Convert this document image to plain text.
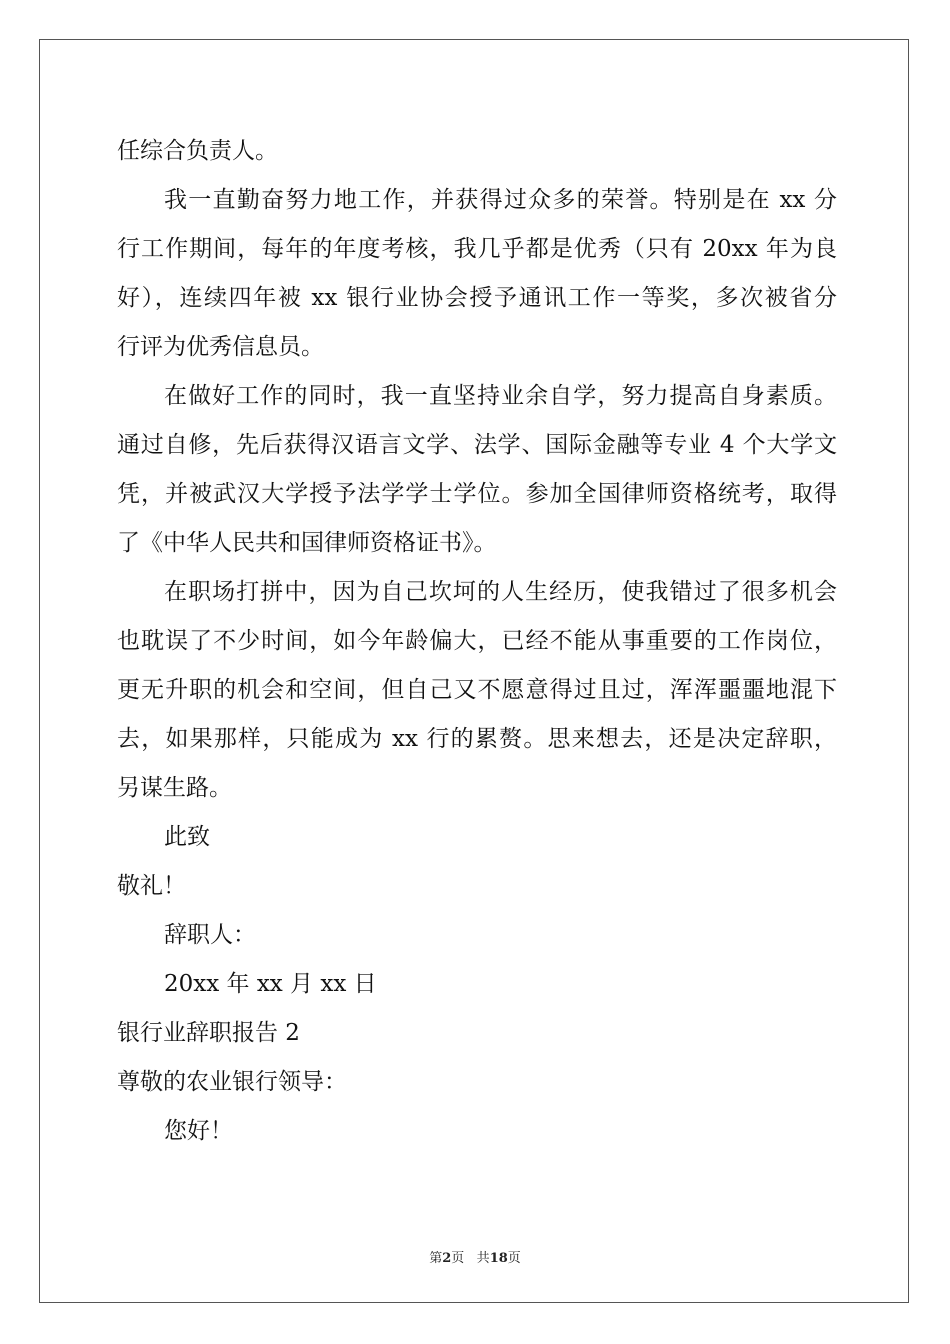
任综合负责人。
我一直勤奋努力地工作，并获得过众多的荣誉。特别是在 xx 分
行工作期间，每年的年度考核，我几乎都是优秀（只有 20xx 年为良
好），连续四年被 xx 银行业协会授予通讯工作一等奖，多次被省分
行评为优秀信息员。
在做好工作的同时，我一直坚持业余自学，努力提高自身素质。
通过自修，先后获得汉语言文学、法学、国际金融等专业 4 个大学文
凭，并被武汉大学授予法学学士学位。参加全国律师资格统考，取得
了《中华人民共和国律师资格证书》。
在职场打拼中，因为自己坎坷的人生经历，使我错过了很多机会
也耽误了不少时间，如今年龄偏大，已经不能从事重要的工作岗位，
更无升职的机会和空间，但自己又不愿意得过且过，浑浑噩噩地混下
去，如果那样，只能成为 xx 行的累赘。思来想去，还是决定辞职，
另谋生路。
此致
敬礼！
辞职人：
20xx 年 xx 月 xx 日
银行业辞职报告 2
尊敬的农业银行领导：
您好！
第2页 共18页
